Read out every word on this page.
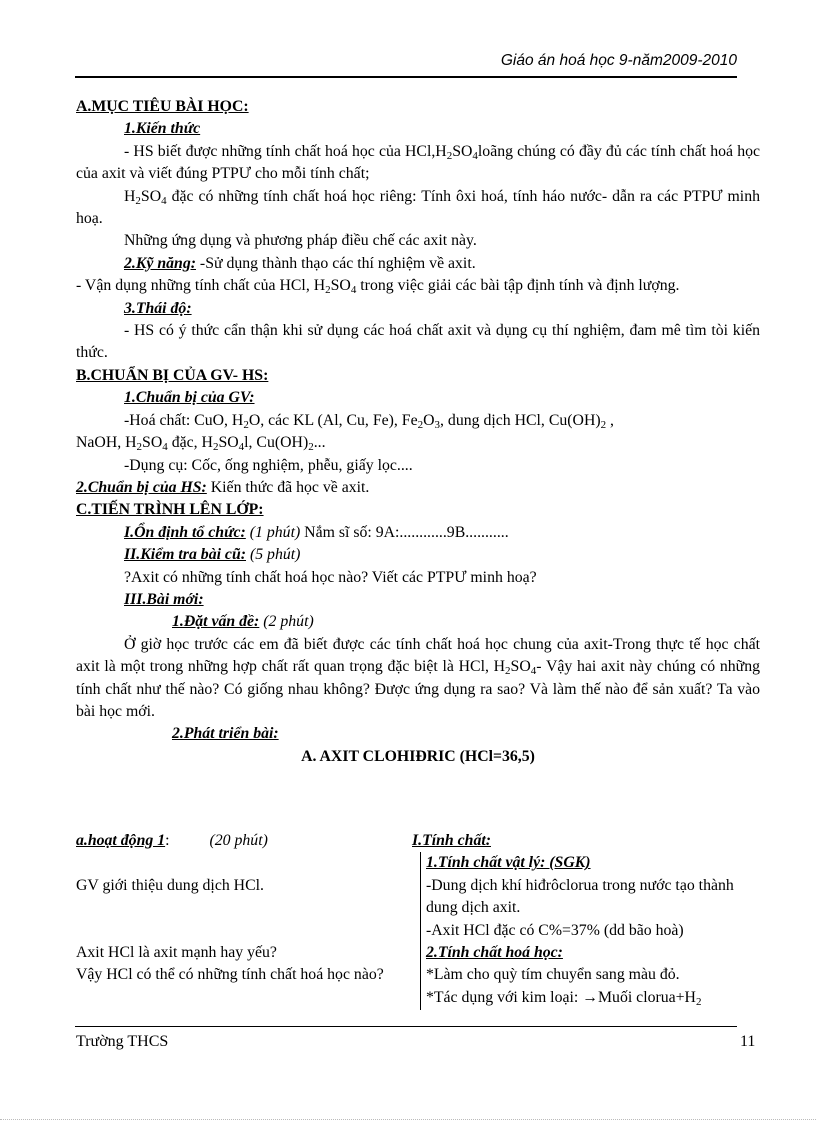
Giáo án hoá học 9-năm2009-2010

A.MỤC TIÊU BÀI HỌC:

1.Kiến thức

- HS biết được những tính chất hoá học của $HCl,H_2SO_4loãng$ chúng có đầy đủ các tính chất hoá học của axit và viết đúng PTPƯ cho mỗi tính chất;

$H_2SO_4$ đặc có những tính chất hoá học riêng: Tính ôxi hoá, tính háo nước- dẫn ra các PTPƯ minh hoạ.

Những ứng dụng và phương pháp điều chế các axit này.

2.Kỹ năng: -Sử dụng thành thạo các thí nghiệm về axit.

- Vận dụng những tính chất của HCl, $H_2SO_4$ trong việc giải các bài tập định tính và định lượng.

3.Thái độ:

- HS có ý thức cẩn thận khi sử dụng các hoá chất axit và dụng cụ thí nghiệm, đam mê tìm tòi kiến thức.

B.CHUẨN BỊ CỦA GV- HS:

1.Chuẩn bị của GV:

-Hoá chất: CuO, $H_2O$, các KL (Al, Cu, Fe), $Fe_2O_3$, dung dịch HCl, $Cu(OH)_2$ ,

NaOH, $H_2SO_4$ đặc, $H_2SO_4l$, $Cu(OH)_2$...

-Dụng cụ: Cốc, ống nghiệm, phễu, giấy lọc....

2.Chuẩn bị của HS: Kiến thức đã học về axit.

C.TIẾN TRÌNH LÊN LỚP:

I.Ổn định tổ chức: (1 phút) Nắm sĩ số: 9A:............9B...........

II.Kiểm tra bài cũ: (5 phút)

?Axit có những tính chất hoá học nào? Viết các PTPƯ minh hoạ?

III.Bài mới:

1.Đặt vấn đề: (2 phút)

Ở giờ học trước các em đã biết được các tính chất hoá học chung của axit-Trong thực tế học chất axit là một trong những hợp chất rất quan trọng đặc biệt là HCl, $H_2SO_4-$ Vậy hai axit này chúng có những tính chất như thế nào? Có giống nhau không? Được ứng dụng ra sao? Và làm thế nào để sản xuất? Ta vào bài học mới.

2.Phát triển bài:

A. AXIT CLOHIĐRIC (HCl=36,5)

a.hoạt động 1:	(20 phút)

GV giới thiệu dung dịch HCl.

Axit HCl là axit mạnh hay yếu?

Vậy HCl có thể có những tính chất hoá học nào?

I.Tính chất:

1.Tính chất vật lý: (SGK)

-Dung dịch khí hiđrôclorua trong nước tạo thành dung dịch axit.

-Axit HCl đặc có C%=37% (dd bão hoà)

2.Tính chất hoá học:

*Làm cho quỳ tím chuyển sang màu đỏ.

*Tác dụng với kim loại: →Muối $clorua+H_2$

Trường THCS	11
